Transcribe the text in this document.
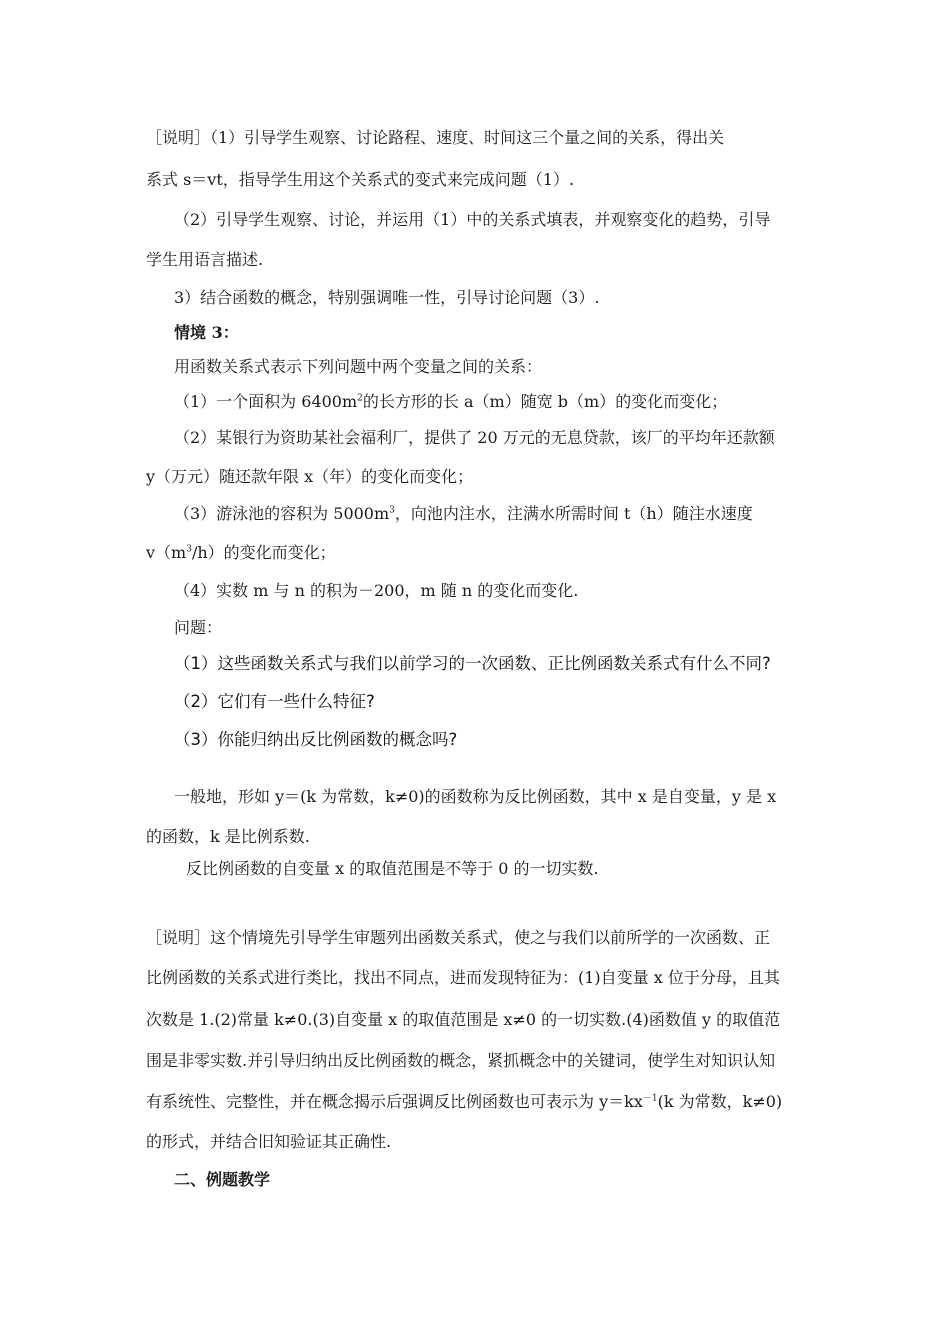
［说明］（1）引导学生观察、讨论路程、速度、时间这三个量之间的关系，得出关
系式 s＝vt，指导学生用这个关系式的变式来完成问题（1）.
（2）引导学生观察、讨论，并运用（1）中的关系式填表，并观察变化的趋势，引导
学生用语言描述.
3）结合函数的概念，特别强调唯一性，引导讨论问题（3）.
情境 3：
用函数关系式表示下列问题中两个变量之间的关系：
（1）一个面积为 $6400m^2$的长方形的长 a（m）随宽 b（m）的变化而变化；
（2）某银行为资助某社会福利厂，提供了 20 万元的无息贷款，该厂的平均年还款额
y（万元）随还款年限 x（年）的变化而变化；
（3）游泳池的容积为 $5000m^3$，向池内注水，注满水所需时间 t（h）随注水速度
$v(m^3/h)$的变化而变化；
（4）实数 m 与 n 的积为－200，m 随 n 的变化而变化.
问题：
（1）这些函数关系式与我们以前学习的一次函数、正比例函数关系式有什么不同?
（2）它们有一些什么特征?
（3）你能归纳出反比例函数的概念吗?
一般地，形如 y＝(k 为常数，k≠0)的函数称为反比例函数，其中 x 是自变量，y 是 x
的函数，k 是比例系数.
反比例函数的自变量 x 的取值范围是不等于 0 的一切实数.
［说明］这个情境先引导学生审题列出函数关系式，使之与我们以前所学的一次函数、正
比例函数的关系式进行类比，找出不同点，进而发现特征为：(1)自变量 x 位于分母，且其
次数是 1.(2)常量 k≠0.(3)自变量 x 的取值范围是 x≠0 的一切实数.(4)函数值 y 的取值范
围是非零实数.并引导归纳出反比例函数的概念，紧抓概念中的关键词，使学生对知识认知
有系统性、完整性，并在概念揭示后强调反比例函数也可表示为 $y=kx^{-1}(k$ 为常数，k≠0)
的形式，并结合旧知验证其正确性.
二、例题教学
